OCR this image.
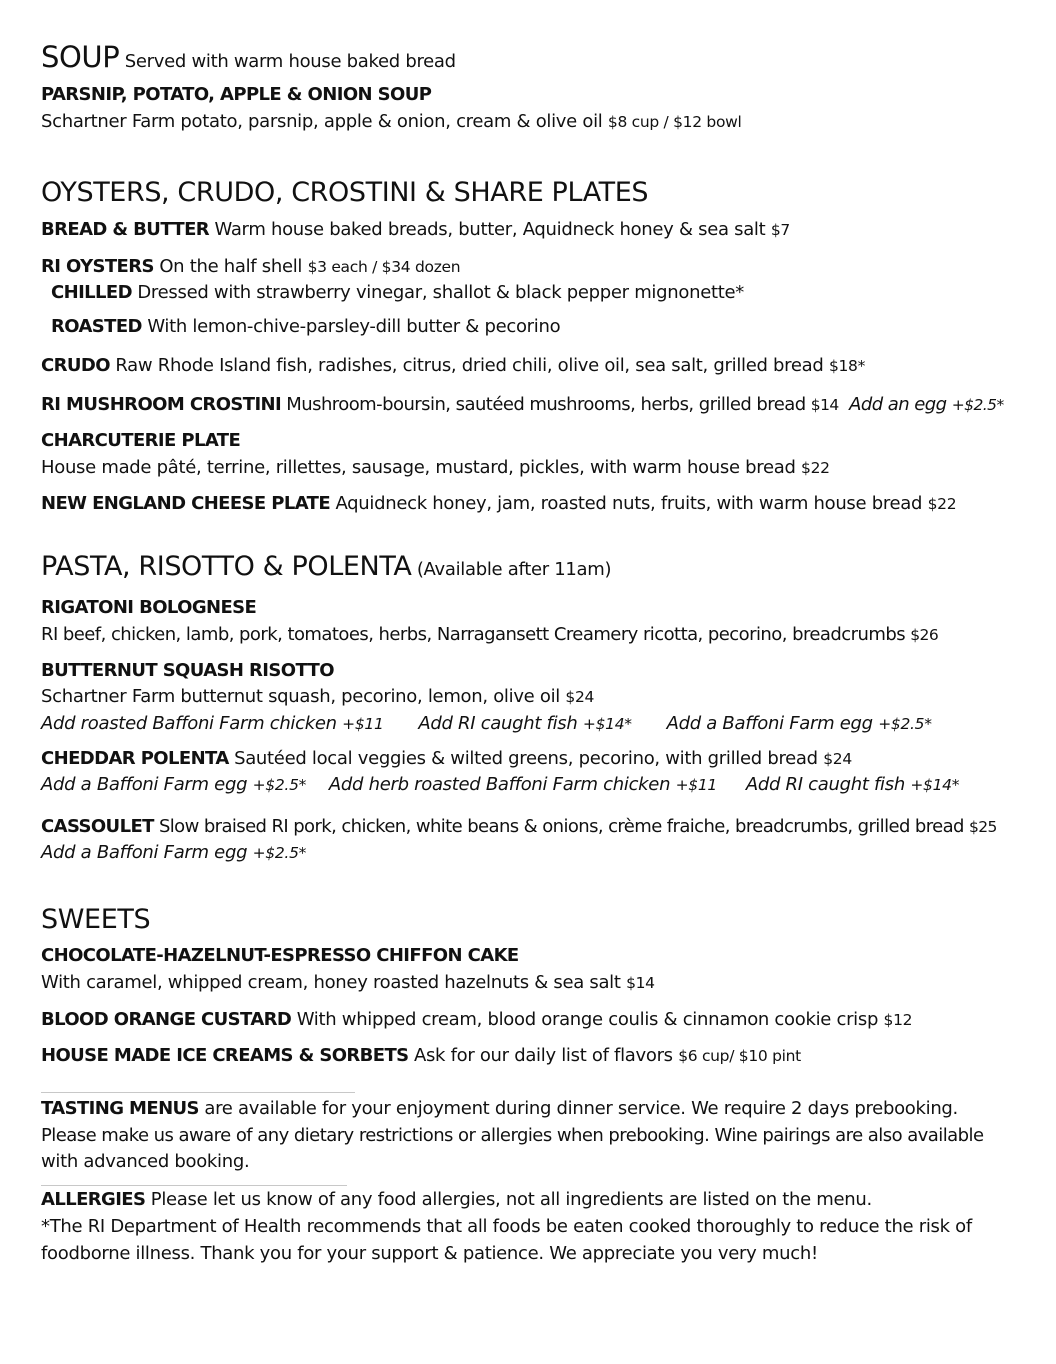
SOUP Served with warm house baked bread
PARSNIP, POTATO, APPLE & ONION SOUP
Schartner Farm potato, parsnip, apple & onion, cream & olive oil $8 cup / $12 bowl
OYSTERS, CRUDO, CROSTINI & SHARE PLATES
BREAD & BUTTER Warm house baked breads, butter, Aquidneck honey & sea salt $7
RI OYSTERS On the half shell $3 each / $34 dozen
CHILLED Dressed with strawberry vinegar, shallot & black pepper mignonette*
ROASTED With lemon-chive-parsley-dill butter & pecorino
CRUDO Raw Rhode Island fish, radishes, citrus, dried chili, olive oil, sea salt, grilled bread $18*
RI MUSHROOM CROSTINI Mushroom-boursin, sautéed mushrooms, herbs, grilled bread $14 Add an egg +$2.5*
CHARCUTERIE PLATE
House made pâté, terrine, rillettes, sausage, mustard, pickles, with warm house bread $22
NEW ENGLAND CHEESE PLATE Aquidneck honey, jam, roasted nuts, fruits, with warm house bread $22
PASTA, RISOTTO & POLENTA (Available after 11am)
RIGATONI BOLOGNESE
RI beef, chicken, lamb, pork, tomatoes, herbs, Narragansett Creamery ricotta, pecorino, breadcrumbs $26
BUTTERNUT SQUASH RISOTTO
Schartner Farm butternut squash, pecorino, lemon, olive oil $24
Add roasted Baffoni Farm chicken +$11 Add RI caught fish +$14* Add a Baffoni Farm egg +$2.5*
CHEDDAR POLENTA Sautéed local veggies & wilted greens, pecorino, with grilled bread $24
Add a Baffoni Farm egg +$2.5* Add herb roasted Baffoni Farm chicken +$11 Add RI caught fish +$14*
CASSOULET Slow braised RI pork, chicken, white beans & onions, crème fraiche, breadcrumbs, grilled bread $25
Add a Baffoni Farm egg +$2.5*
SWEETS
CHOCOLATE-HAZELNUT-ESPRESSO CHIFFON CAKE
With caramel, whipped cream, honey roasted hazelnuts & sea salt $14
BLOOD ORANGE CUSTARD With whipped cream, blood orange coulis & cinnamon cookie crisp $12
HOUSE MADE ICE CREAMS & SORBETS Ask for our daily list of flavors $6 cup/ $10 pint
TASTING MENUS are available for your enjoyment during dinner service. We require 2 days prebooking.
Please make us aware of any dietary restrictions or allergies when prebooking. Wine pairings are also available
with advanced booking.
ALLERGIES Please let us know of any food allergies, not all ingredients are listed on the menu.
*The RI Department of Health recommends that all foods be eaten cooked thoroughly to reduce the risk of
foodborne illness. Thank you for your support & patience. We appreciate you very much!
